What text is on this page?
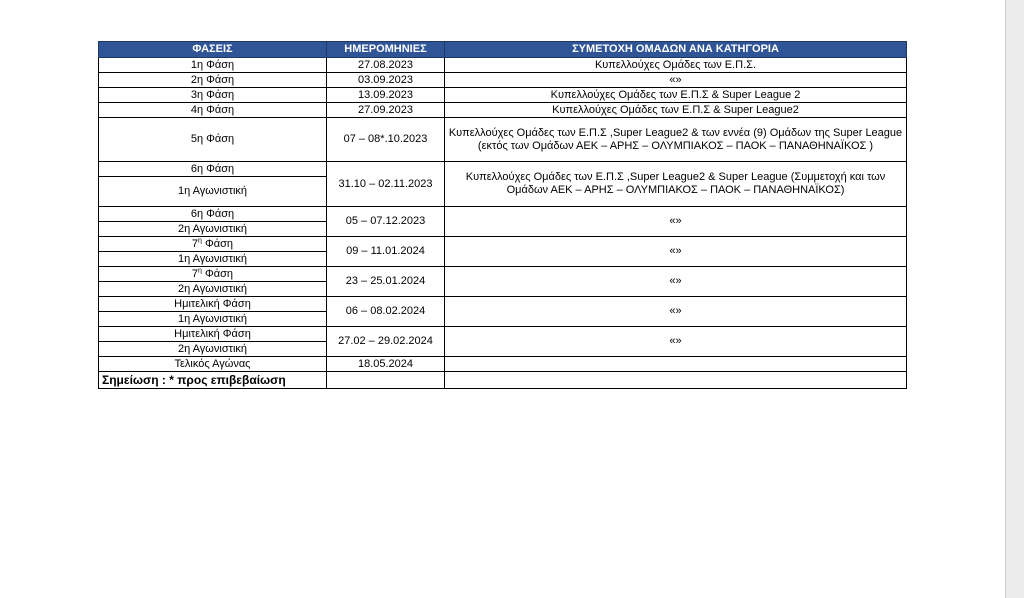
ΦΑΣΕΙΣ	ΗΜΕΡΟΜΗΝΙΕΣ	ΣΥΜΕΤΟΧΗ ΟΜΑΔΩΝ ΑΝΑ ΚΑΤΗΓΟΡΙΑ
1η Φάση	27.08.2023	Κυπελλούχες Ομάδες των Ε.Π.Σ.
2η Φάση	03.09.2023	«»
3η Φάση	13.09.2023	Κυπελλούχες Ομάδες των Ε.Π.Σ & Super League 2
4η Φάση	27.09.2023	Κυπελλούχες Ομάδες των Ε.Π.Σ & Super League2
5η Φάση	07 – 08*.10.2023	Κυπελλούχες Ομάδες των Ε.Π.Σ ,Super League2 & των εννέα (9) Ομάδων της Super League (εκτός των Ομάδων ΑΕΚ – ΑΡΗΣ – ΟΛΥΜΠΙΑΚΟΣ – ΠΑΟΚ – ΠΑΝΑΘΗΝΑΪΚΟΣ )
6η Φάση	31.10 – 02.11.2023	Κυπελλούχες Ομάδες των Ε.Π.Σ ,Super League2 & Super League (Συμμετοχή και των Ομάδων ΑΕΚ – ΑΡΗΣ – ΟΛΥΜΠΙΑΚΟΣ – ΠΑΟΚ – ΠΑΝΑΘΗΝΑΪΚΟΣ)
1η Αγωνιστική		
6η Φάση	05 – 07.12.2023	«»
2η Αγωνιστική		
$7^\eta$ Φάση	09 – 11.01.2024	«»
1η Αγωνιστική		
$7^\eta$ Φάση	23 – 25.01.2024	«»
2η Αγωνιστική		
Ημιτελική Φάση	06 – 08.02.2024	«»
1η Αγωνιστική		
Ημιτελική Φάση	27.02 – 29.02.2024	«»
2η Αγωνιστική		
Τελικός Αγώνας	18.05.2024	
Σημείωση : * προς επιβεβαίωση		
